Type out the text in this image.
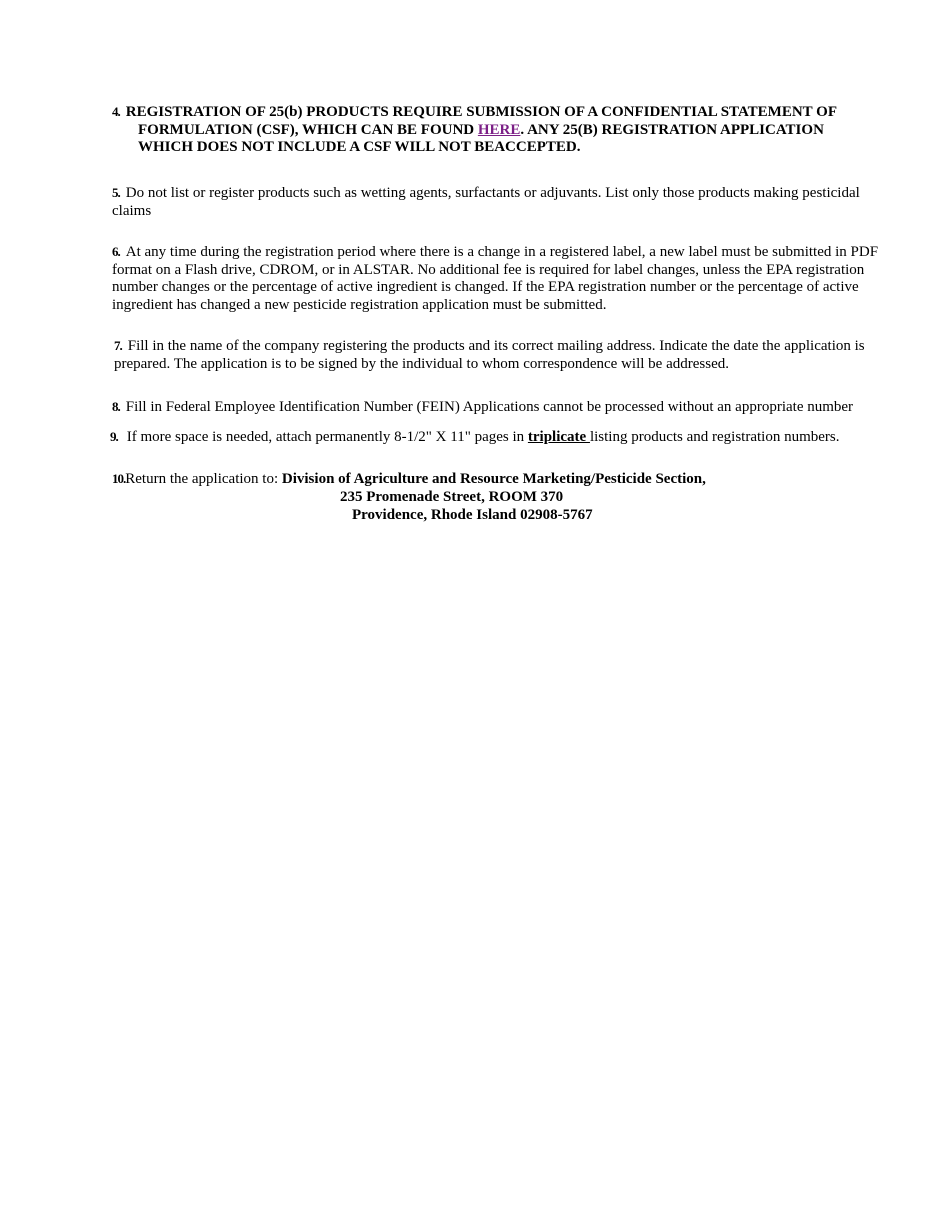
4. REGISTRATION OF 25(b) PRODUCTS REQUIRE SUBMISSION OF A CONFIDENTIAL STATEMENT OF
FORMULATION (CSF), WHICH CAN BE FOUND HERE. ANY 25(B) REGISTRATION APPLICATION
WHICH DOES NOT INCLUDE A CSF WILL NOT BEACCEPTED.
5. Do not list or register products such as wetting agents, surfactants or adjuvants. List only those products making pesticidal claims
6. At any time during the registration period where there is a change in a registered label, a new label must be submitted in PDF format on a Flash drive, CDROM, or in ALSTAR. No additional fee is required for label changes, unless the EPA registration number changes or the percentage of active ingredient is changed. If the EPA registration number or the percentage of active ingredient has changed a new pesticide registration application must be submitted.
7. Fill in the name of the company registering the products and its correct mailing address. Indicate the date the application is prepared. The application is to be signed by the individual to whom correspondence will be addressed.
8. Fill in Federal Employee Identification Number (FEIN) Applications cannot be processed without an appropriate number
9. If more space is needed, attach permanently 8-1/2" X 11" pages in triplicate listing products and registration numbers.
10.Return the application to: Division of Agriculture and Resource Marketing/Pesticide Section,
235 Promenade Street, ROOM 370
Providence, Rhode Island 02908-5767
